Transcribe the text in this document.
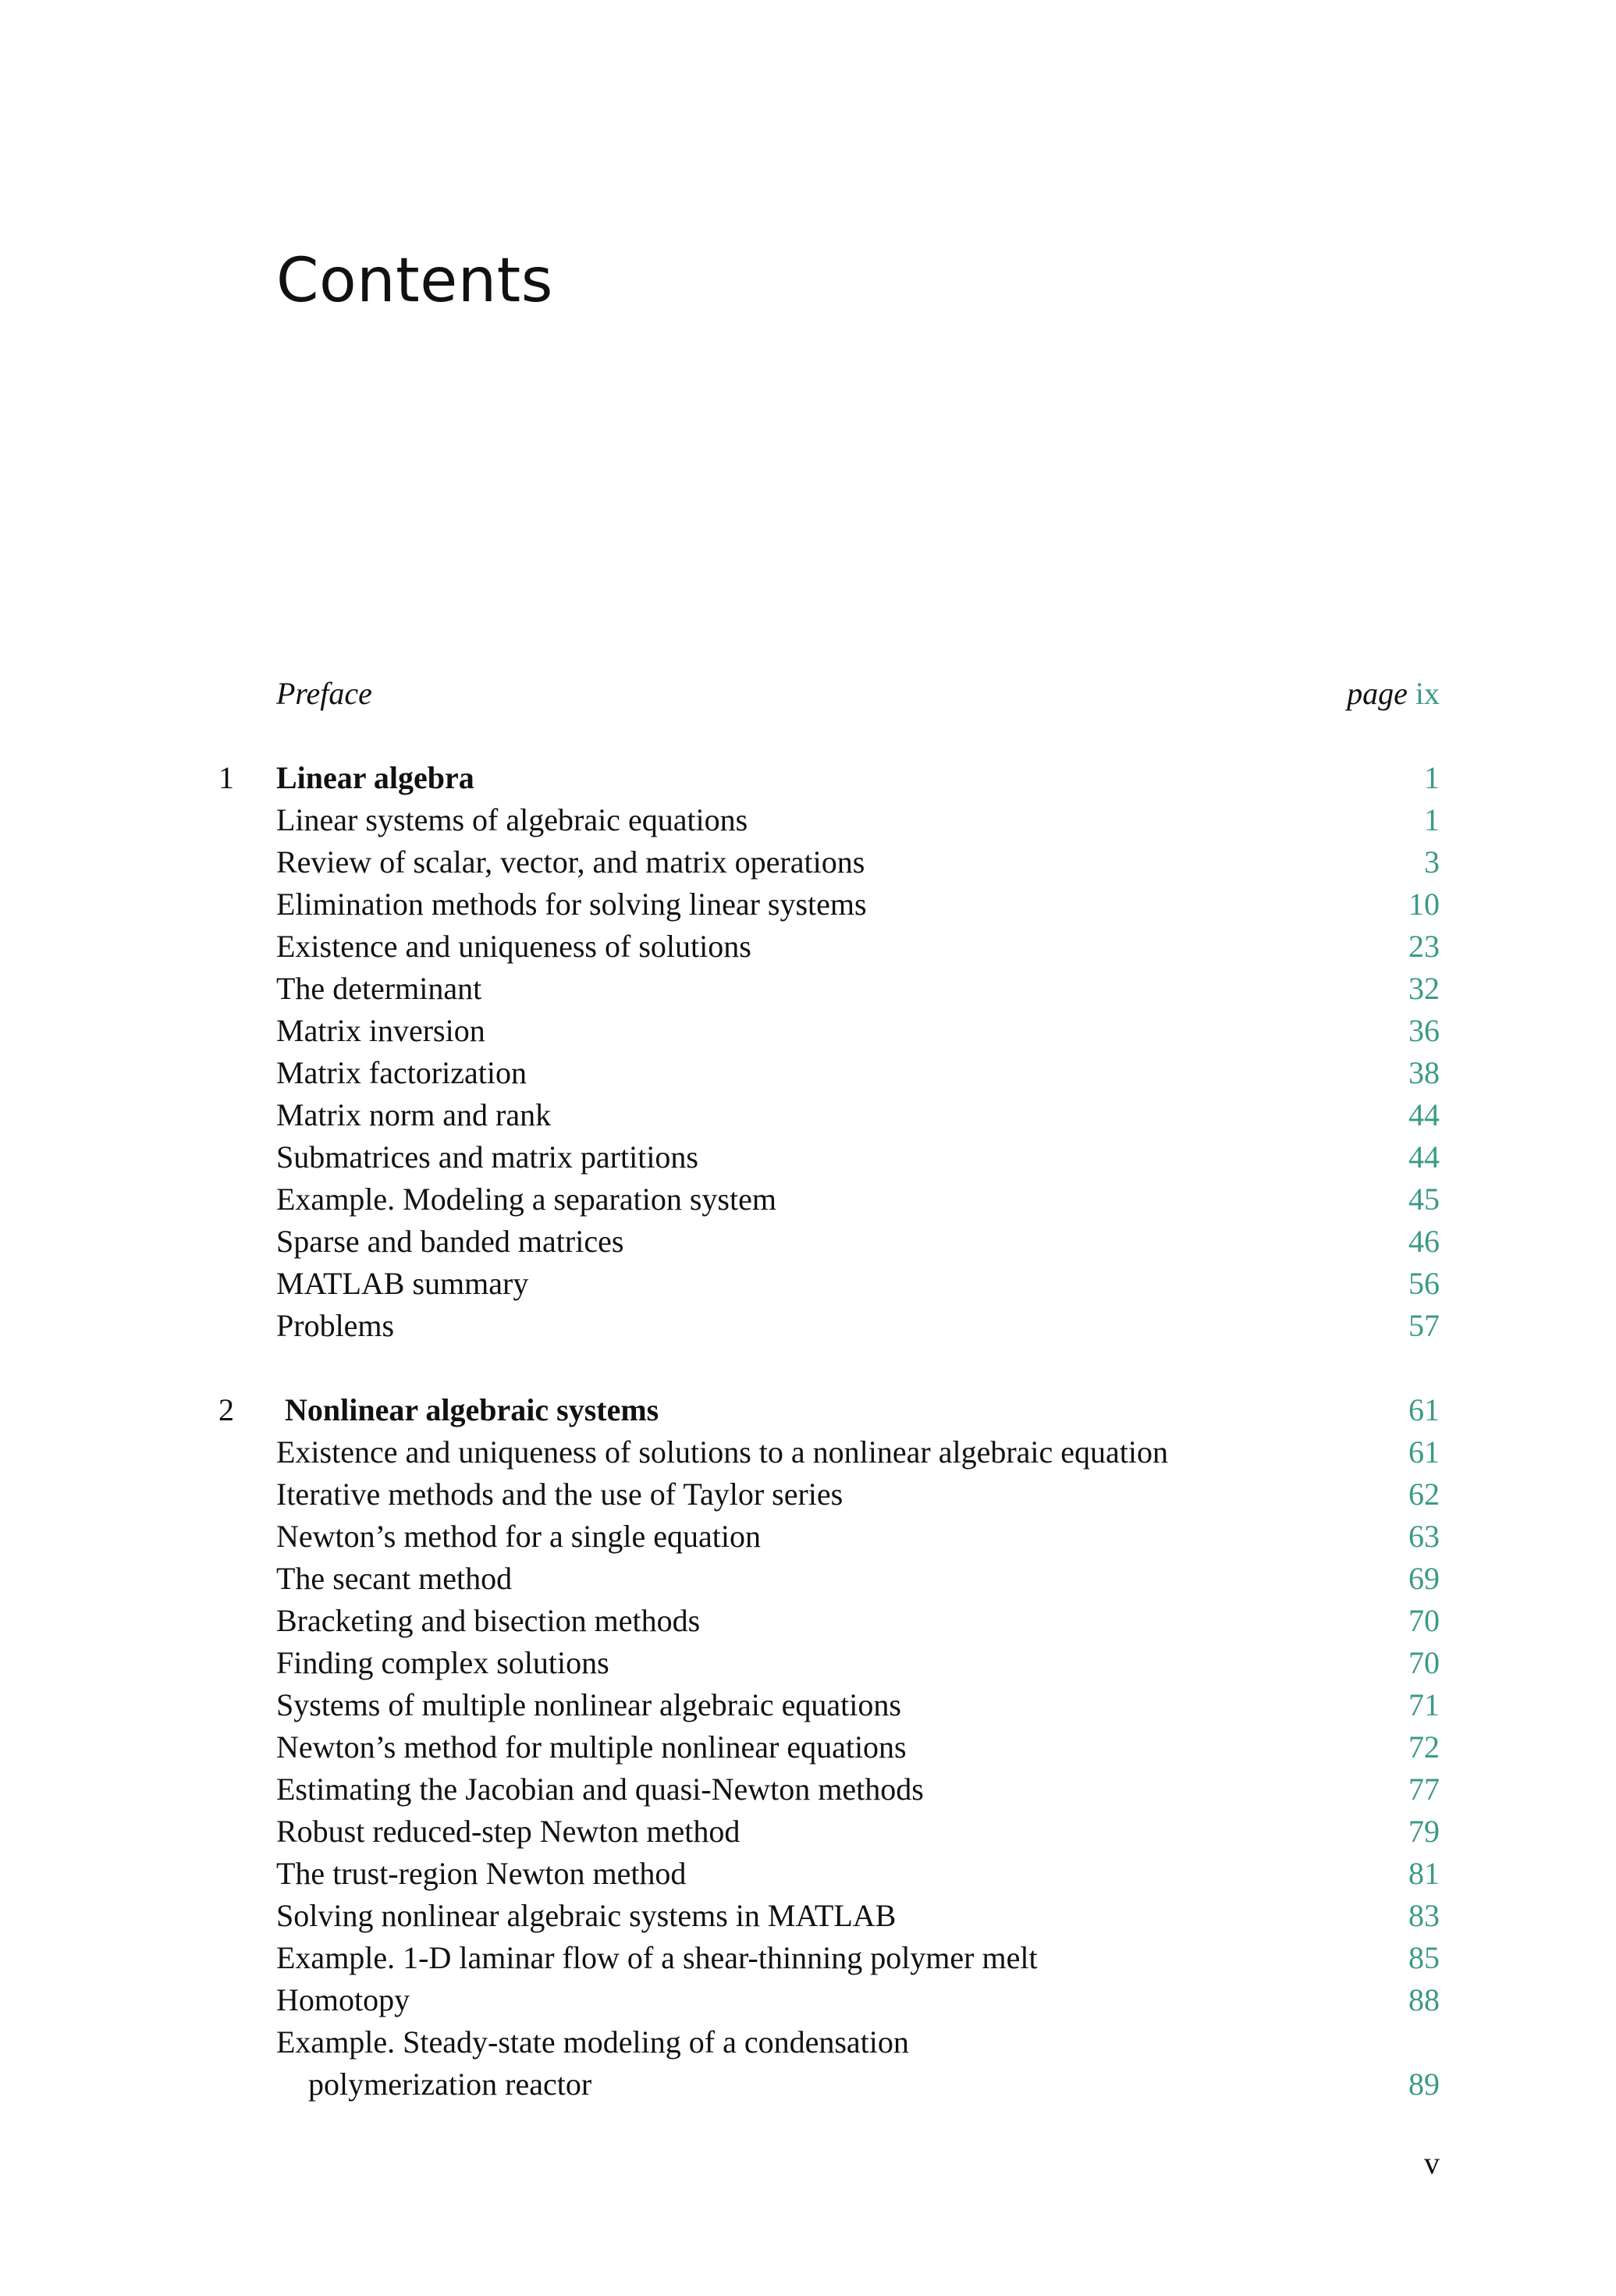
Contents
Preface	page ix
1 Linear algebra	1
Linear systems of algebraic equations	1
Review of scalar, vector, and matrix operations	3
Elimination methods for solving linear systems	10
Existence and uniqueness of solutions	23
The determinant	32
Matrix inversion	36
Matrix factorization	38
Matrix norm and rank	44
Submatrices and matrix partitions	44
Example. Modeling a separation system	45
Sparse and banded matrices	46
MATLAB summary	56
Problems	57
2 Nonlinear algebraic systems	61
Existence and uniqueness of solutions to a nonlinear algebraic equation	61
Iterative methods and the use of Taylor series	62
Newton’s method for a single equation	63
The secant method	69
Bracketing and bisection methods	70
Finding complex solutions	70
Systems of multiple nonlinear algebraic equations	71
Newton’s method for multiple nonlinear equations	72
Estimating the Jacobian and quasi-Newton methods	77
Robust reduced-step Newton method	79
The trust-region Newton method	81
Solving nonlinear algebraic systems in MATLAB	83
Example. 1-D laminar flow of a shear-thinning polymer melt	85
Homotopy	88
Example. Steady-state modeling of a condensation
polymerization reactor	89
v
